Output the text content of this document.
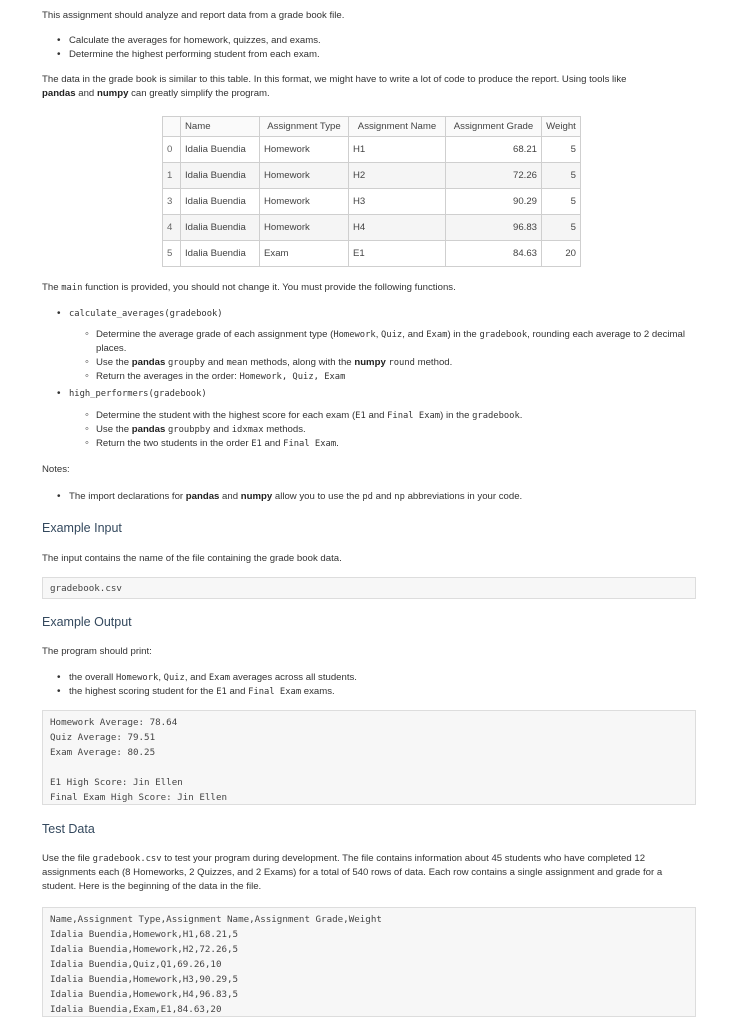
This assignment should analyze and report data from a grade book file.
• Calculate the averages for homework, quizzes, and exams.
• Determine the highest performing student from each exam.
The data in the grade book is similar to this table. In this format, we might have to write a lot of code to produce the report. Using tools like
pandas and numpy can greatly simplify the program.
	Name	Assignment Type	Assignment Name	Assignment Grade	Weight
0	Idalia Buendia	Homework	H1	68.21	5
1	Idalia Buendia	Homework	H2	72.26	5
3	Idalia Buendia	Homework	H3	90.29	5
4	Idalia Buendia	Homework	H4	96.83	5
5	Idalia Buendia	Exam	E1	84.63	20
The main function is provided, you should not change it. You must provide the following functions.
• calculate_averages(gradebook)
◦ Determine the average grade of each assignment type (Homework, Quiz, and Exam) in the gradebook, rounding each average to 2 decimal places.
◦ Use the pandas groupby and mean methods, along with the numpy round method.
◦ Return the averages in the order: Homework, Quiz, Exam
• high_performers(gradebook)
◦ Determine the student with the highest score for each exam (E1 and Final Exam) in the gradebook.
◦ Use the pandas groubpby and idxmax methods.
◦ Return the two students in the order E1 and Final Exam.
Notes:
• The import declarations for pandas and numpy allow you to use the pd and np abbreviations in your code.
Example Input
The input contains the name of the file containing the grade book data.
gradebook.csv
Example Output
The program should print:
• the overall Homework, Quiz, and Exam averages across all students.
• the highest scoring student for the E1 and Final Exam exams.
Homework Average: 78.64
Quiz Average: 79.51
Exam Average: 80.25

E1 High Score: Jin Ellen
Final Exam High Score: Jin Ellen
Test Data
Use the file gradebook.csv to test your program during development. The file contains information about 45 students who have completed 12 assignments each (8 Homeworks, 2 Quizzes, and 2 Exams) for a total of 540 rows of data. Each row contains a single assignment and grade for a student. Here is the beginning of the data in the file.
Name,Assignment Type,Assignment Name,Assignment Grade,Weight
Idalia Buendia,Homework,H1,68.21,5
Idalia Buendia,Homework,H2,72.26,5
Idalia Buendia,Quiz,Q1,69.26,10
Idalia Buendia,Homework,H3,90.29,5
Idalia Buendia,Homework,H4,96.83,5
Idalia Buendia,Exam,E1,84.63,20
